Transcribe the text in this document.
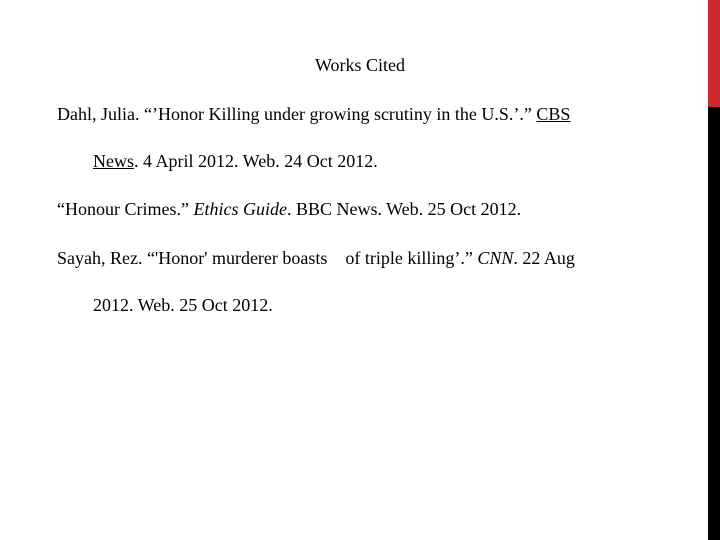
Works Cited
Dahl, Julia. “’Honor Killing under growing scrutiny in the U.S.’.” CBS
News. 4 April 2012. Web. 24 Oct 2012.
“Honour Crimes.” Ethics Guide. BBC News. Web. 25 Oct 2012.
Sayah, Rez. “'Honor' murderer boasts    of triple killing’.” CNN. 22 Aug
2012. Web. 25 Oct 2012.
